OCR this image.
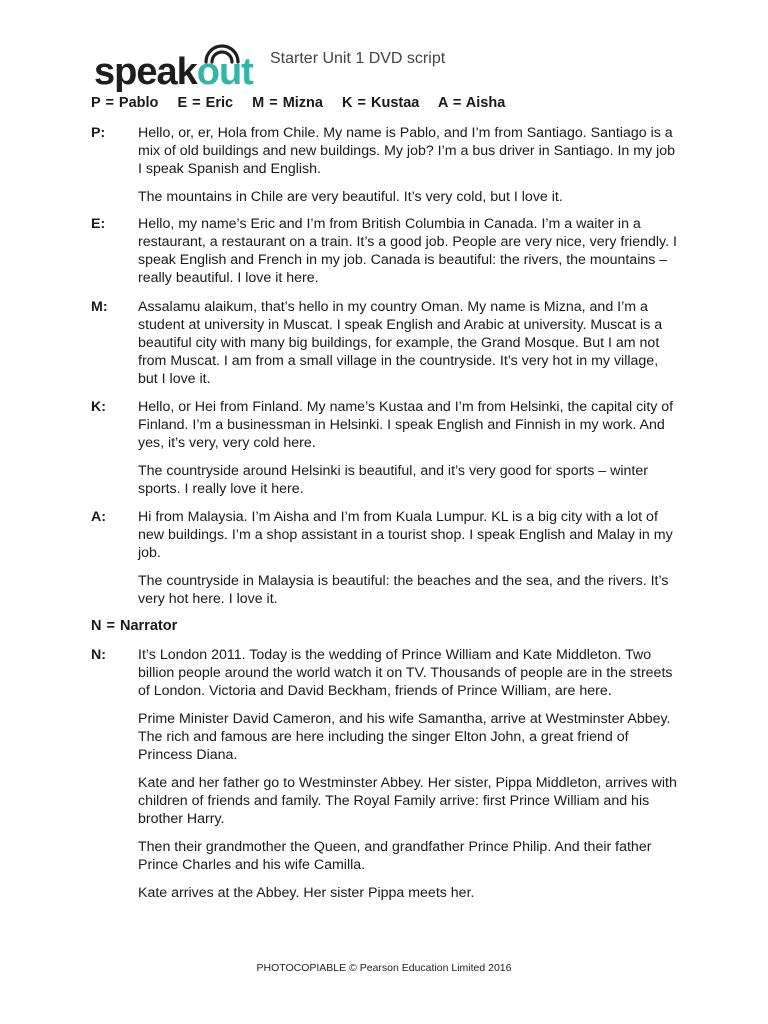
speakout Starter Unit 1 DVD script
P = Pablo E = Eric M = Mizna K = Kustaa A = Aisha
P:	Hello, or, er, Hola from Chile. My name is Pablo, and I’m from Santiago. Santiago is a mix of old buildings and new buildings. My job? I’m a bus driver in Santiago. In my job I speak Spanish and English.

The mountains in Chile are very beautiful. It’s very cold, but I love it.

E:	Hello, my name’s Eric and I’m from British Columbia in Canada. I’m a waiter in a restaurant, a restaurant on a train. It’s a good job. People are very nice, very friendly. I speak English and French in my job. Canada is beautiful: the rivers, the mountains – really beautiful. I love it here.

M:	Assalamu alaikum, that’s hello in my country Oman. My name is Mizna, and I’m a student at university in Muscat. I speak English and Arabic at university. Muscat is a beautiful city with many big buildings, for example, the Grand Mosque. But I am not from Muscat. I am from a small village in the countryside. It’s very hot in my village, but I love it.

K:	Hello, or Hei from Finland. My name’s Kustaa and I’m from Helsinki, the capital city of Finland. I’m a businessman in Helsinki. I speak English and Finnish in my work. And yes, it’s very, very cold here.

The countryside around Helsinki is beautiful, and it’s very good for sports – winter sports. I really love it here.

A:	Hi from Malaysia. I’m Aisha and I’m from Kuala Lumpur. KL is a big city with a lot of new buildings. I’m a shop assistant in a tourist shop. I speak English and Malay in my job.

The countryside in Malaysia is beautiful: the beaches and the sea, and the rivers. It’s very hot here. I love it.

N = Narrator
N:	It’s London 2011. Today is the wedding of Prince William and Kate Middleton. Two billion people around the world watch it on TV. Thousands of people are in the streets of London. Victoria and David Beckham, friends of Prince William, are here.

Prime Minister David Cameron, and his wife Samantha, arrive at Westminster Abbey. The rich and famous are here including the singer Elton John, a great friend of Princess Diana.

Kate and her father go to Westminster Abbey. Her sister, Pippa Middleton, arrives with children of friends and family. The Royal Family arrive: first Prince William and his brother Harry.

Then their grandmother the Queen, and grandfather Prince Philip. And their father Prince Charles and his wife Camilla.

Kate arrives at the Abbey. Her sister Pippa meets her.

PHOTOCOPIABLE © Pearson Education Limited 2016
